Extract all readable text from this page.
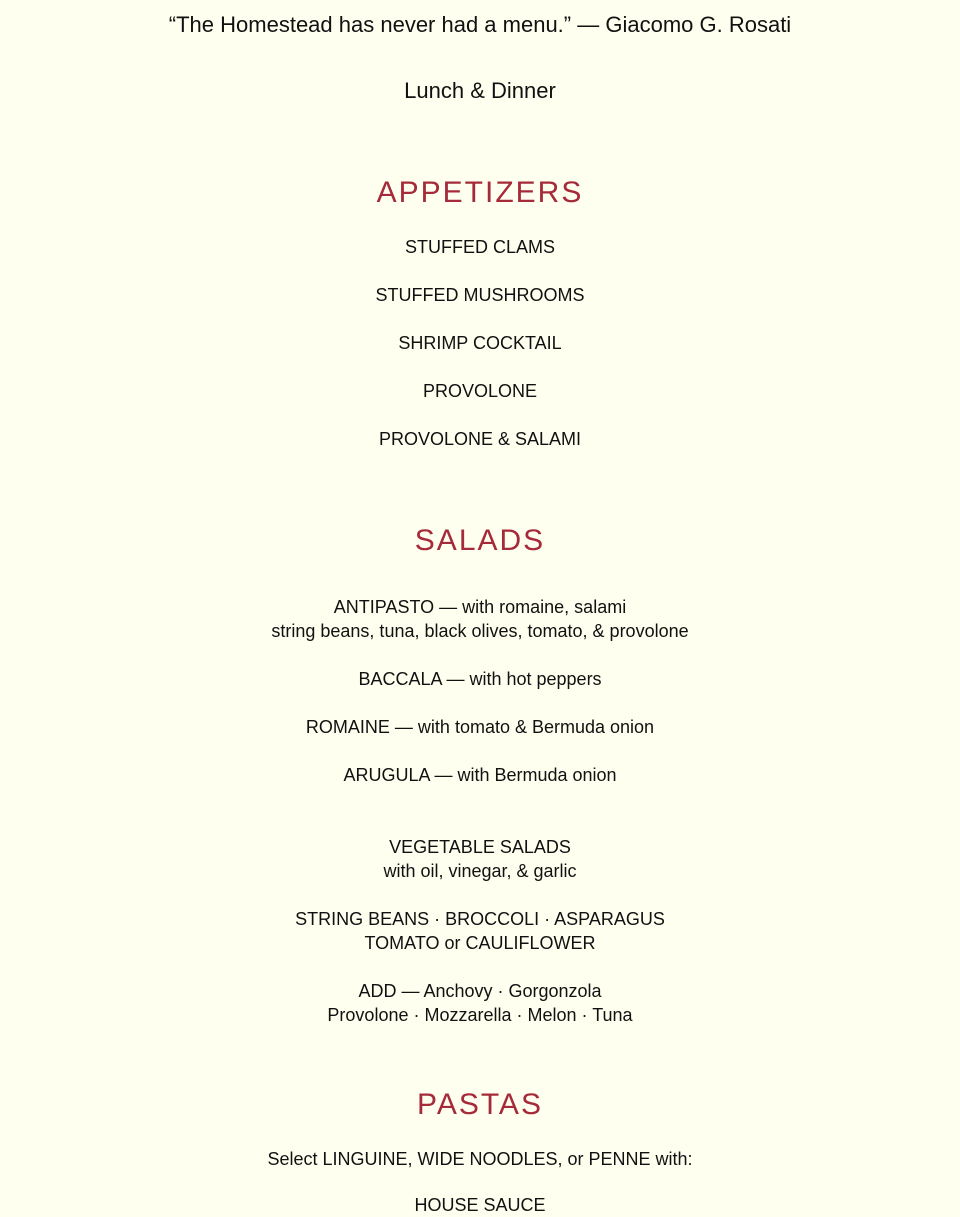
“The Homestead has never had a menu.” — Giacomo G. Rosati
Lunch & Dinner
APPETIZERS
STUFFED CLAMS
STUFFED MUSHROOMS
SHRIMP COCKTAIL
PROVOLONE
PROVOLONE & SALAMI
SALADS
ANTIPASTO — with romaine, salami
string beans, tuna, black olives, tomato, & provolone
BACCALA — with hot peppers
ROMAINE — with tomato & Bermuda onion
ARUGULA — with Bermuda onion
VEGETABLE SALADS
with oil, vinegar, & garlic
STRING BEANS · BROCCOLI · ASPARAGUS
TOMATO or CAULIFLOWER
ADD — Anchovy · Gorgonzola
Provolone · Mozzarella · Melon · Tuna
PASTAS
Select LINGUINE, WIDE NOODLES, or PENNE with:
HOUSE SAUCE
